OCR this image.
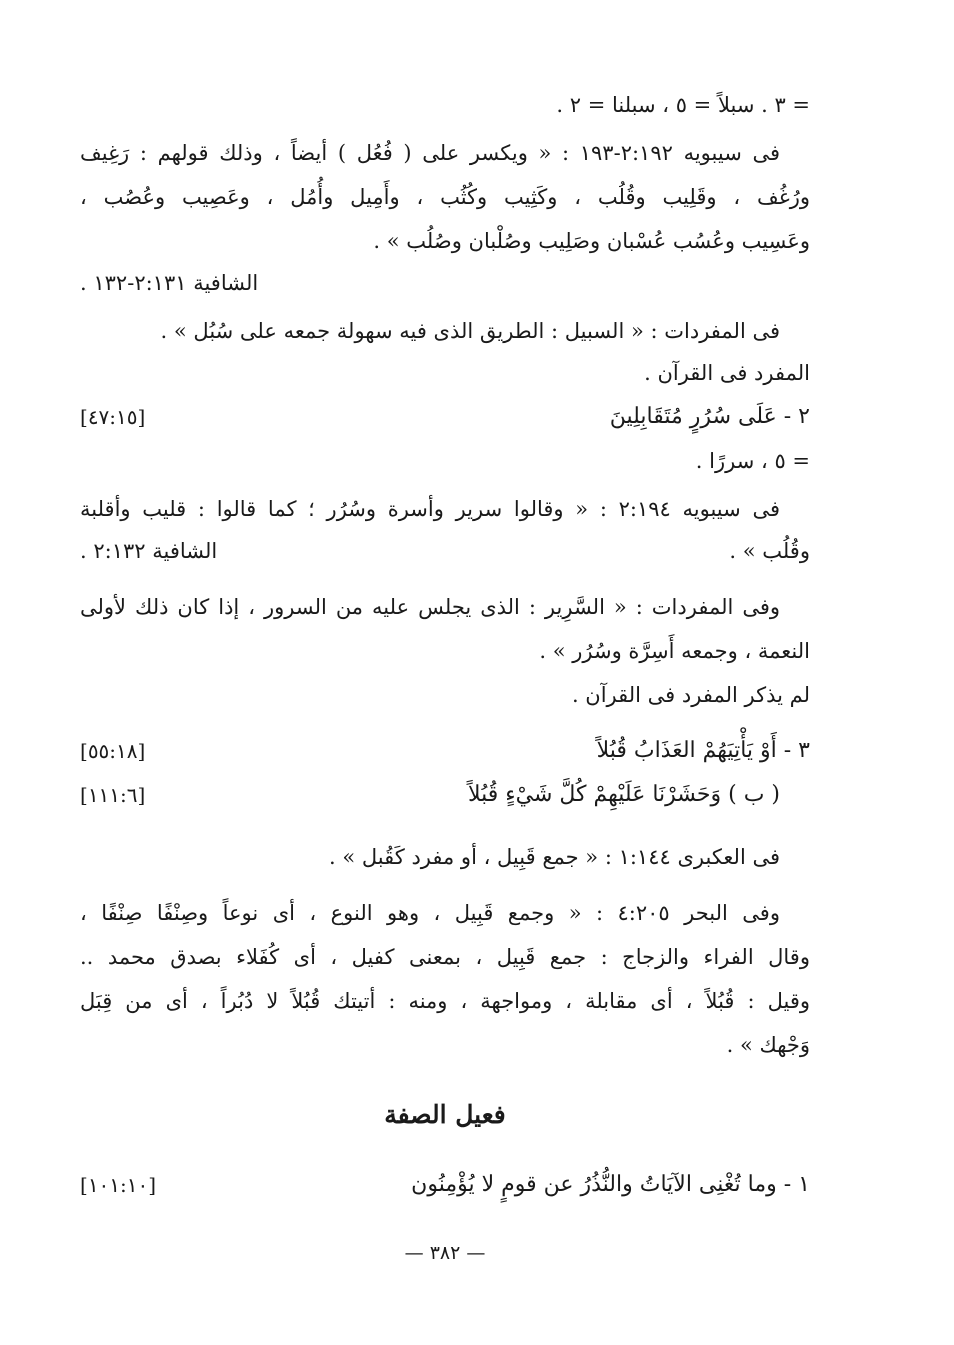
= ٣ . سبلاً = ٥ ، سبلنا = ٢ .
فى سيبويه ٢:١٩٢-١٩٣ : « ويكسر على ( فُعُل ) أيضاً ، وذلك قولهم : رَغِيف
ورُغُف ، وقَلِيب وقُلُب ، وكَثِيب وكُثُب ، وأَمِيل وأُمُل ، وعَصِيب وعُصُب ،
وعَسِيب وعُسُب عُسْبان وصَلِيب وصُلْبان وصُلُب » .
الشافية ٢:١٣١-١٣٢ .
فى المفردات : « السبيل : الطريق الذى فيه سهولة جمعه على سُبُل » .
المفرد فى القرآن .
٢ - عَلَى سُرُرٍ مُتَقَابِلِينَ
[٤٧:١٥]
= ٥ ، سررًا .
فى سيبويه ٢:١٩٤ : « وقالوا سرير وأسرة وسُرُر ؛ كما قالوا : قليب وأقلبة
وقُلُب » .
الشافية ٢:١٣٢ .
وفى المفردات : « السَّرِير : الذى يجلس عليه من السرور ، إذا كان ذلك لأولى
النعمة ، وجمعه أَسِرَّة وسُرُر » .
لم يذكر المفرد فى القرآن .
٣ - أَوْ يَأْتِيَهُمْ العَذَابُ قُبُلاً
[٥٥:١٨]
( ب ) وَحَشَرْنَا عَلَيْهِمْ كُلَّ شَيْءٍ قُبُلاً
[١١١:٦]
فى العكبرى ١:١٤٤ : « جمع قَبِيل ، أو مفرد كَقُبل » .
وفى البحر ٤:٢٠٥ : « وجمع قَبِيل ، وهو النوع ، أى نوعاً وصِنْفًا صِنْفًا ،
وقال الفراء والزجاج : جمع قَبِيل ، بمعنى كفيل ، أى كُفَلاء بصدق محمد ..
وقيل : قُبُلاً ، أى مقابلة ، ومواجهة ، ومنه : أتيتك قُبُلاً لا دُبُراً ، أى من قِبَل
وَجْهك » .
فعيل الصفة
١ - وما تُغْنِى الآيَاتُ والنُّذُرُ عن قومٍ لا يُؤْمِنُون
[١٠١:١٠]
— ٣٨٢ —
